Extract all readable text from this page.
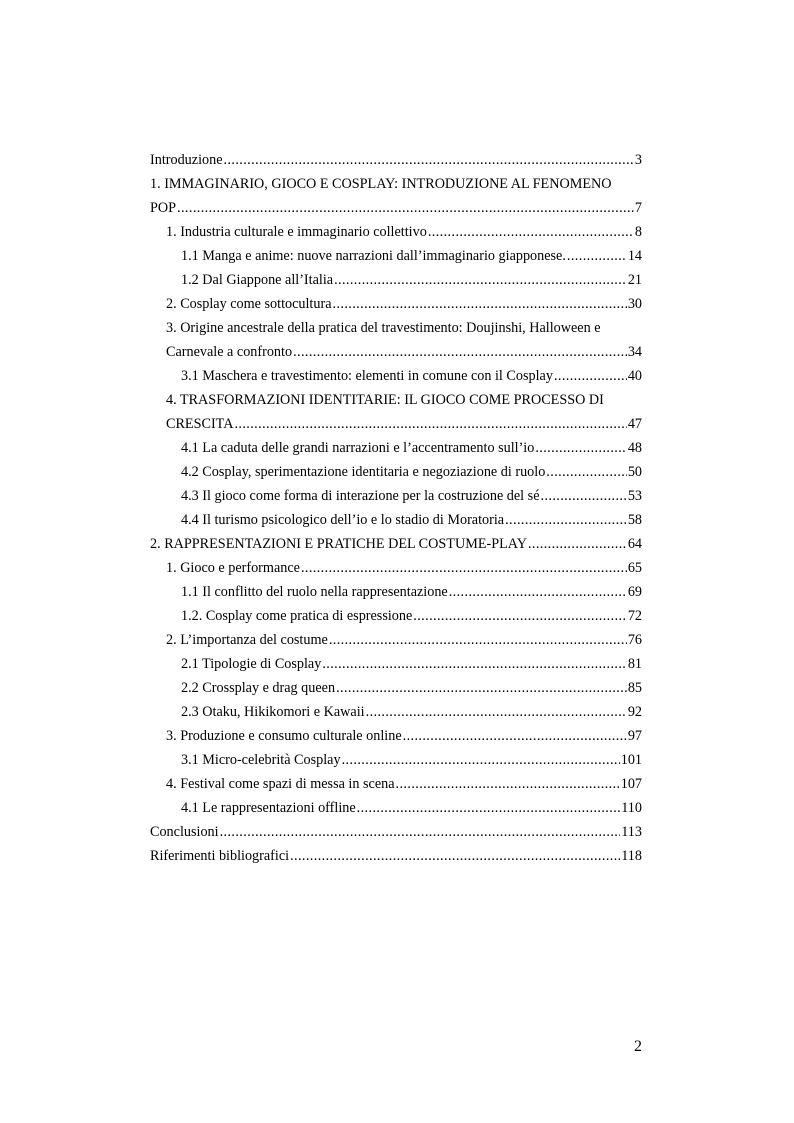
Introduzione .....	3
1. IMMAGINARIO, GIOCO E COSPLAY: INTRODUZIONE AL FENOMENO
POP .....	7
1. Industria culturale e immaginario collettivo .....	8
1.1 Manga e anime: nuove narrazioni dall’immaginario giapponese. .....	14
1.2 Dal Giappone all’Italia .....	21
2. Cosplay come sottocultura .....	30
3. Origine ancestrale della pratica del travestimento: Doujinshi, Halloween e
Carnevale a confronto .....	34
3.1 Maschera e travestimento: elementi in comune con il Cosplay .....	40
4. TRASFORMAZIONI IDENTITARIE: IL GIOCO COME PROCESSO DI
CRESCITA .....	47
4.1 La caduta delle grandi narrazioni e l’accentramento sull’io .....	48
4.2 Cosplay, sperimentazione identitaria e negoziazione di ruolo .....	50
4.3 Il gioco come forma di interazione per la costruzione del sé .....	53
4.4 Il turismo psicologico dell’io e lo stadio di Moratoria .....	58
2. RAPPRESENTAZIONI E PRATICHE DEL COSTUME-PLAY .....	64
1. Gioco e performance .....	65
1.1 Il conflitto del ruolo nella rappresentazione .....	69
1.2. Cosplay come pratica di espressione .....	72
2. L’importanza del costume .....	76
2.1 Tipologie di Cosplay .....	81
2.2 Crossplay e drag queen .....	85
2.3 Otaku, Hikikomori e Kawaii .....	92
3. Produzione e consumo culturale online .....	97
3.1 Micro-celebrità Cosplay .....	101
4. Festival come spazi di messa in scena .....	107
4.1 Le rappresentazioni offline .....	110
Conclusioni .....	113
Riferimenti bibliografici .....	118
2
